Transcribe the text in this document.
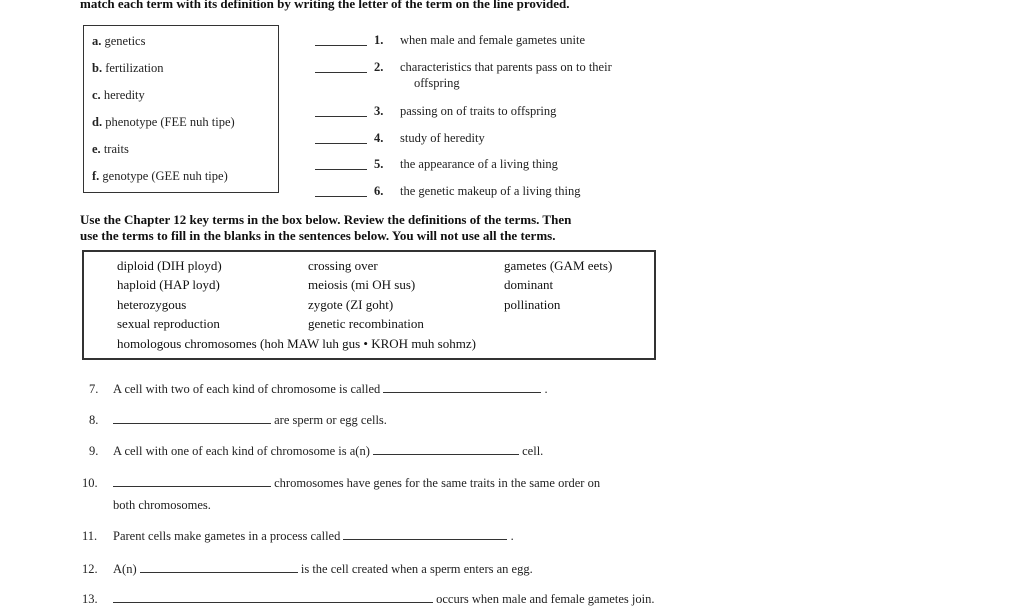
match each term with its definition by writing the letter of the term on the line provided.
a. genetics
b. fertilization
c. heredity
d. phenotype (FEE nuh tipe)
e. traits
f. genotype (GEE nuh tipe)
1. when male and female gametes unite
2. characteristics that parents pass on to their
offspring
3. passing on of traits to offspring
4. study of heredity
5. the appearance of a living thing
6. the genetic makeup of a living thing
Use the Chapter 12 key terms in the box below. Review the definitions of the terms. Then
use the terms to fill in the blanks in the sentences below. You will not use all the terms.
diploid (DIH ployd)
haploid (HAP loyd)
heterozygous
sexual reproduction
crossing over
meiosis (mi OH sus)
zygote (ZI goht)
genetic recombination
gametes (GAM eets)
dominant
pollination
homologous chromosomes (hoh MAW luh gus • KROH muh sohmz)
7. A cell with two of each kind of chromosome is called	.
8.	are sperm or egg cells.
9. A cell with one of each kind of chromosome is a(n)	cell.
10.	chromosomes have genes for the same traits in the same order on
both chromosomes.
11. Parent cells make gametes in a process called	.
12. A(n)	is the cell created when a sperm enters an egg.
13.	occurs when male and female gametes join.
